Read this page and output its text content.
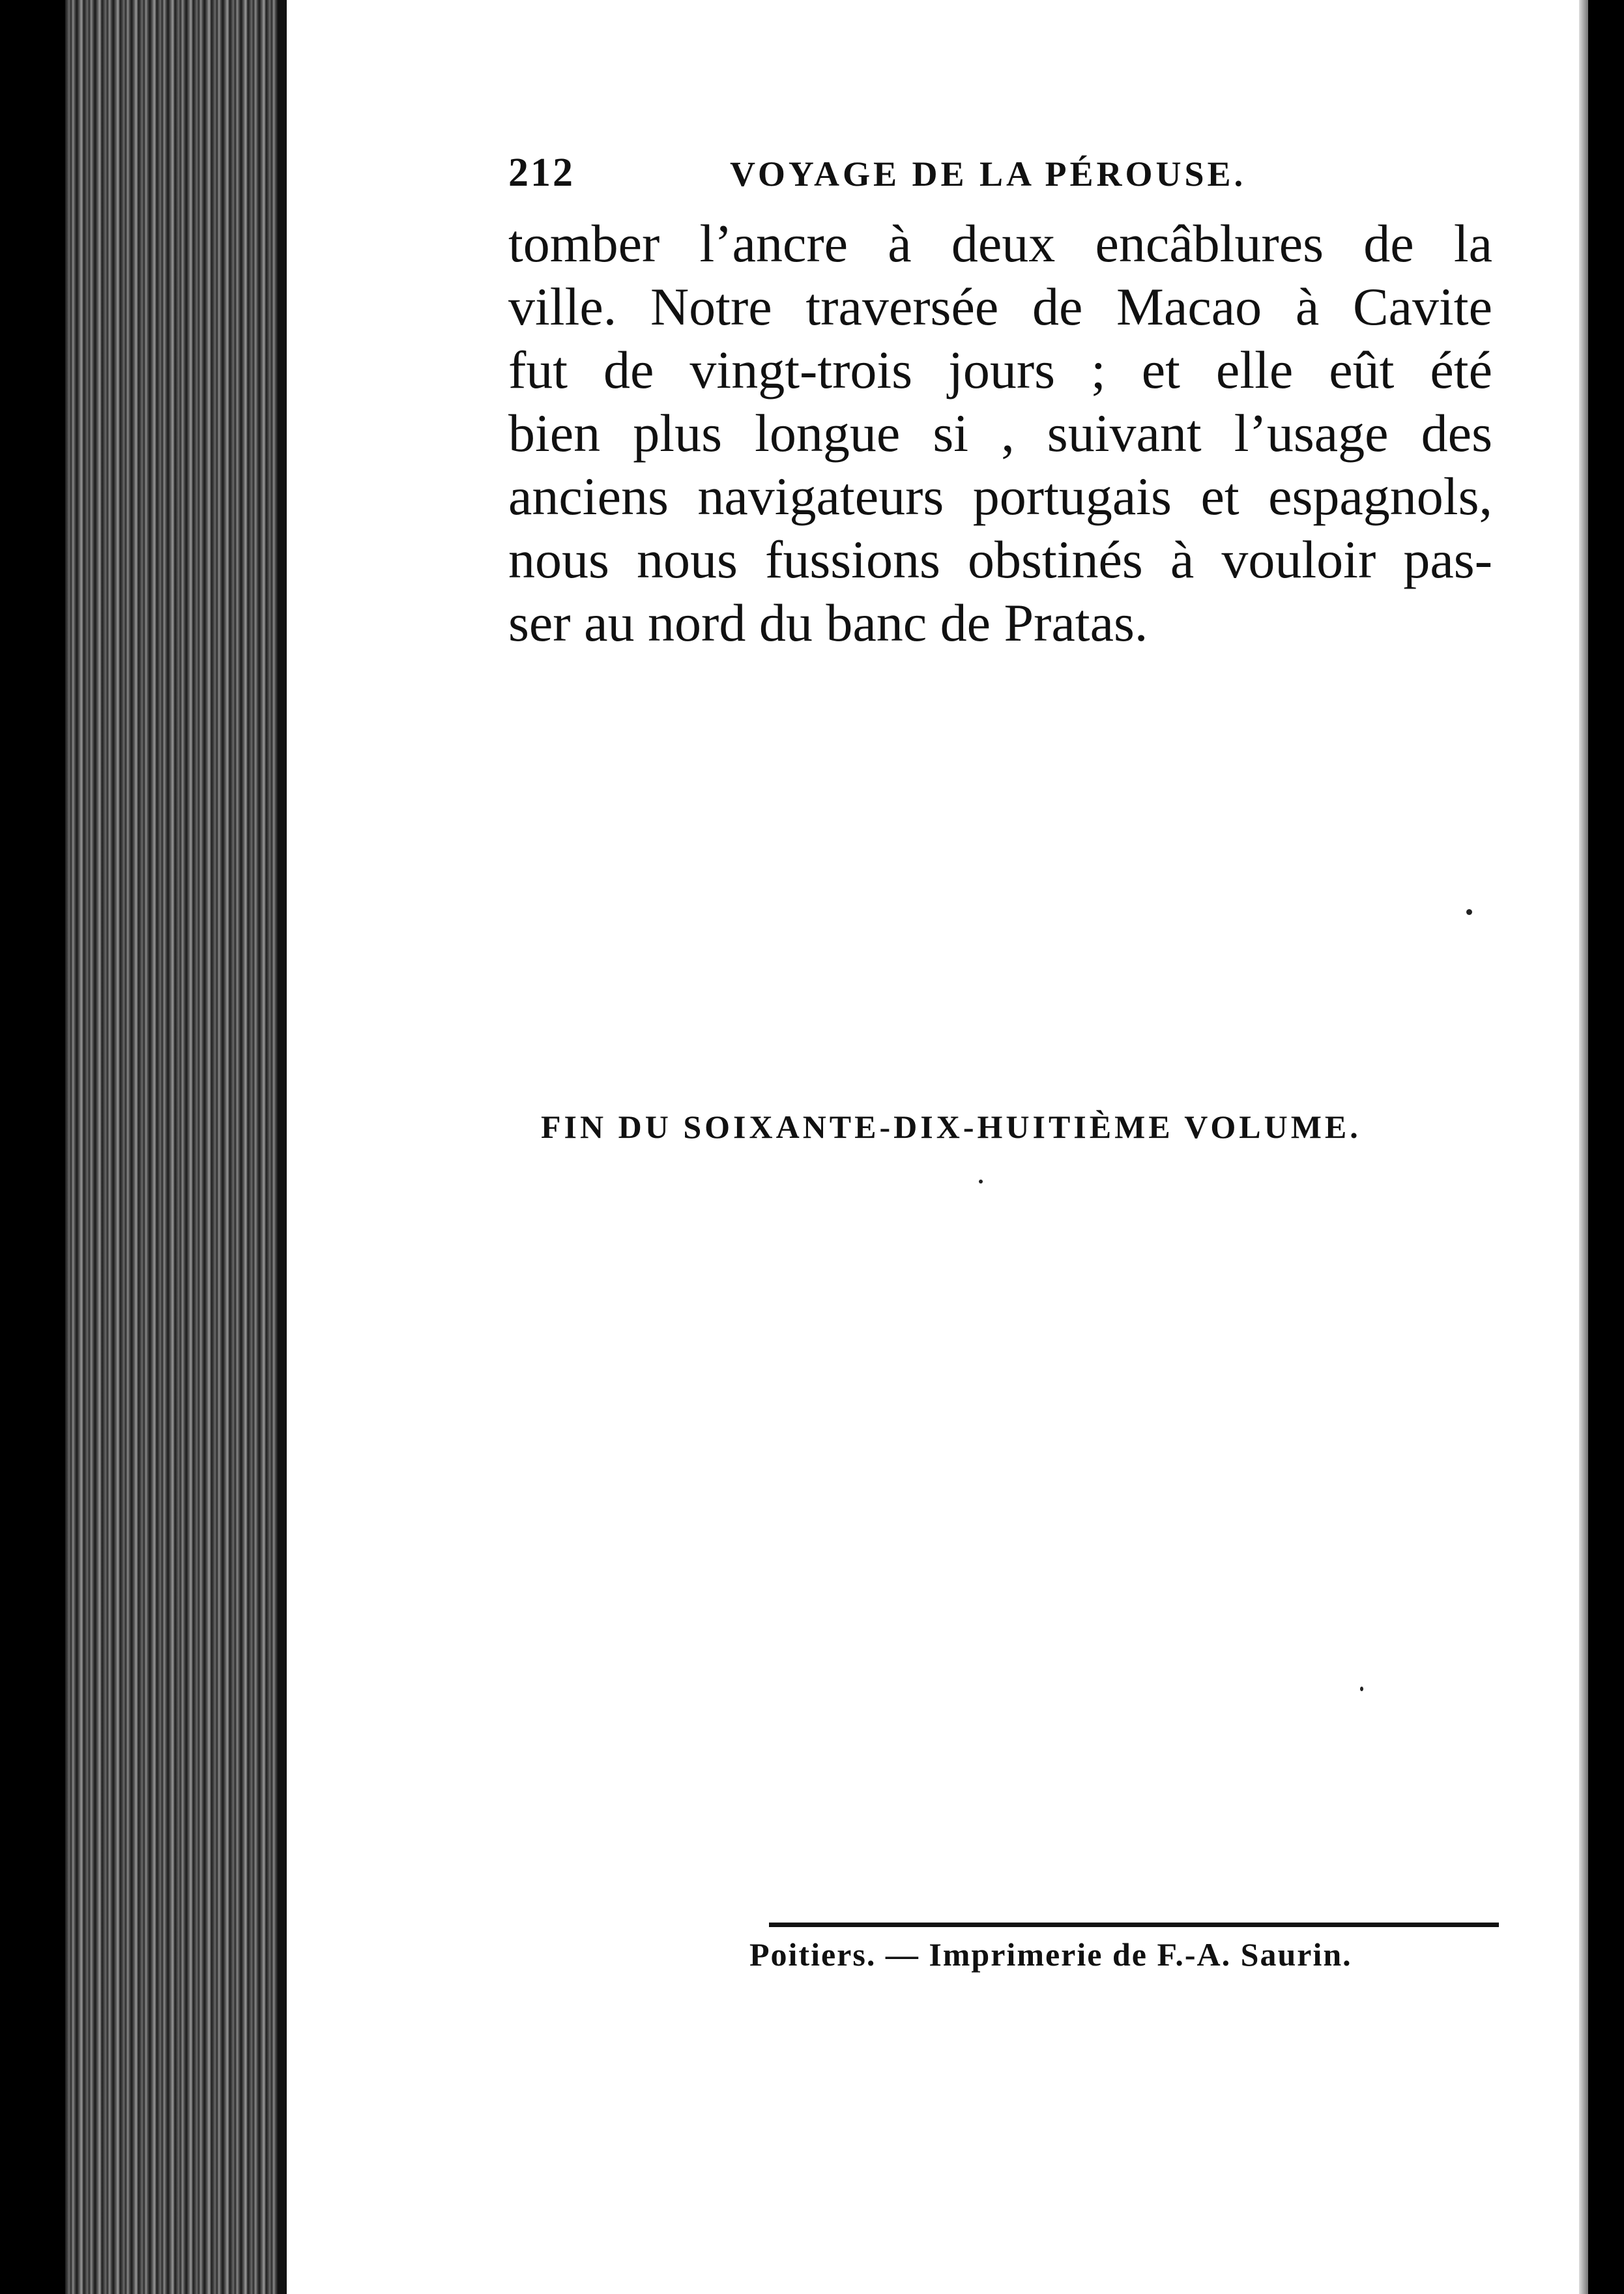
212	VOYAGE DE LA PÉROUSE.
tomber l’ancre à deux encâblures de la
ville. Notre traversée de Macao à Cavite
fut de vingt-trois jours ; et elle eût été
bien plus longue si , suivant l’usage des
anciens navigateurs portugais et espagnols,
nous nous fussions obstinés à vouloir pas-
ser au nord du banc de Pratas.
FIN DU SOIXANTE-DIX-HUITIÈME VOLUME.
Poitiers. — Imprimerie de F.-A. Saurin.
